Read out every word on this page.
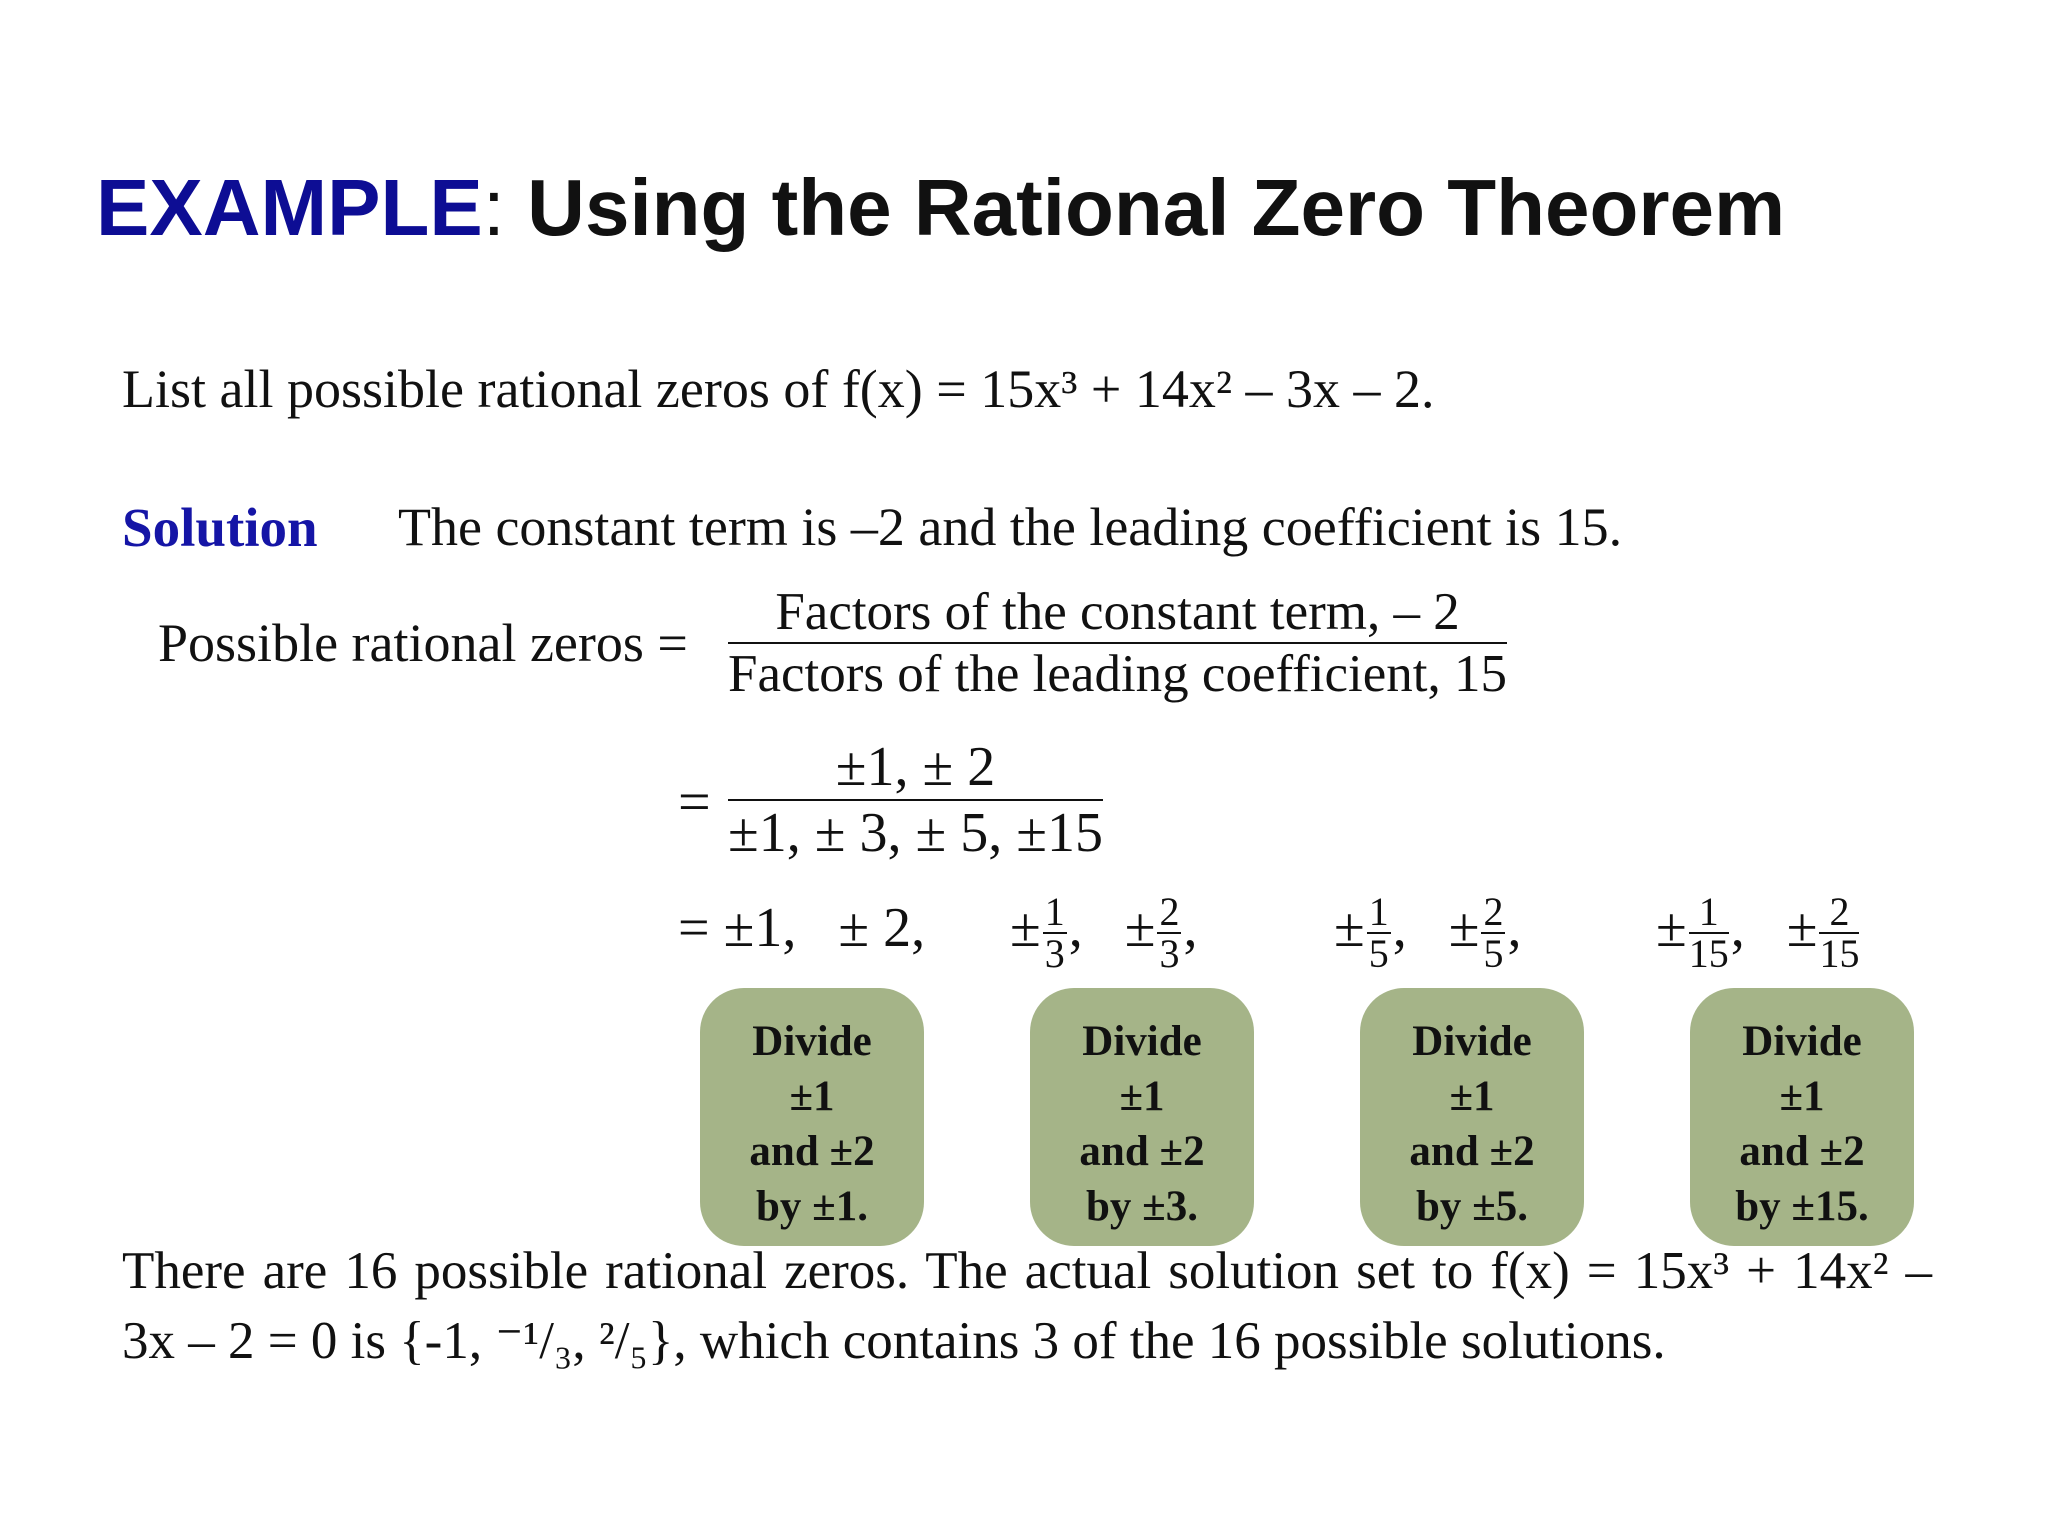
EXAMPLE: Using the Rational Zero Theorem
List all possible rational zeros of f(x) = 15x³ + 14x² – 3x – 2.
Solution The constant term is –2 and the leading coefficient is 15.
Possible rational zeros =
Factors of the constant term, – 2
Factors of the leading coefficient, 15
=
±1, ± 2
±1, ± 3, ± 5, ±15
= ±1, ± 2, ± $\frac{1}{3}$ , ± $\frac{2}{3}$ , ± $\frac{1}{5}$ , ± $\frac{2}{5}$ , ± $\frac{1}{15}$ , ± $\frac{2}{15}$
Divide
±1
and ±2
by ±1.
Divide
±1
and ±2
by ±3.
Divide
±1
and ±2
by ±5.
Divide
±1
and ±2
by ±15.
There are 16 possible rational zeros. The actual solution set to f(x) = 15x³ + 14x² – 3x – 2 = 0 is {-1, ⁻¹/₃, ²/₅}, which contains 3 of the 16 possible solutions.
